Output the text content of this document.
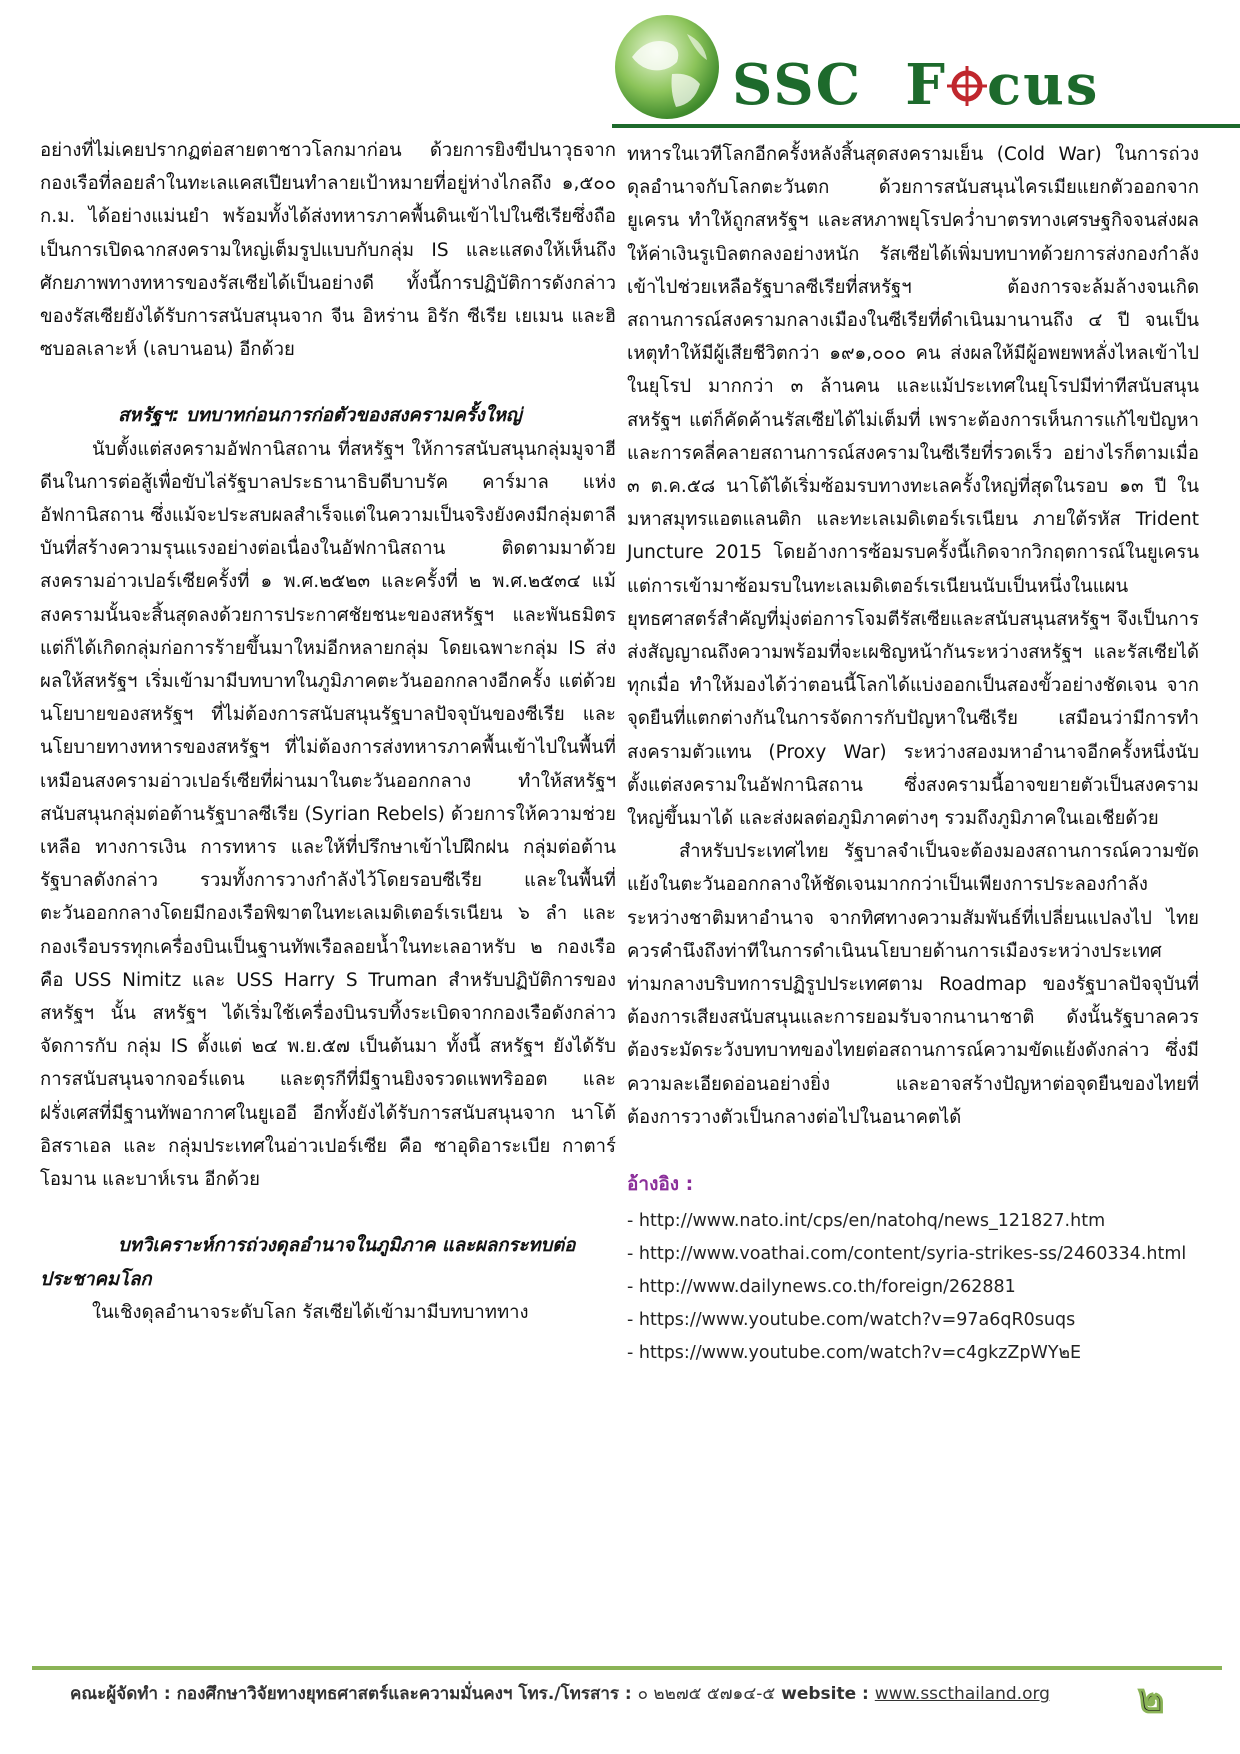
SSC F cus

อย่างที่ไม่เคยปรากฏต่อสายตาชาวโลกมาก่อน ด้วยการยิงขีปนาวุธจากกองเรือที่ลอยลำในทะเลแคสเปียนทำลายเป้าหมายที่อยู่ห่างไกลถึง ๑,๕๐๐ ก.ม. ได้อย่างแม่นยำ พร้อมทั้งได้ส่งทหารภาคพื้นดินเข้าไปในซีเรียซึ่งถือเป็นการเปิดฉากสงครามใหญ่เต็มรูปแบบกับกลุ่ม IS และแสดงให้เห็นถึงศักยภาพทางทหารของรัสเซียได้เป็นอย่างดี ทั้งนี้การปฏิบัติการดังกล่าวของรัสเซียยังได้รับการสนับสนุนจาก จีน อิหร่าน อิรัก ซีเรีย เยเมน และฮิซบอลเลาะห์ (เลบานอน) อีกด้วย

สหรัฐฯ: บทบาทก่อนการก่อตัวของสงครามครั้งใหญ่

นับตั้งแต่สงครามอัฟกานิสถาน ที่สหรัฐฯ ให้การสนับสนุนกลุ่มมูจาฮีดีนในการต่อสู้เพื่อขับไล่รัฐบาลประธานาธิบดีบาบรัค คาร์มาล แห่งอัฟกานิสถาน ซึ่งแม้จะประสบผลสำเร็จแต่ในความเป็นจริงยังคงมีกลุ่มตาลีบันที่สร้างความรุนแรงอย่างต่อเนื่องในอัฟกานิสถาน ติดตามมาด้วยสงครามอ่าวเปอร์เซียครั้งที่ ๑ พ.ศ.๒๕๒๓ และครั้งที่ ๒ พ.ศ.๒๕๓๔ แม้สงครามนั้นจะสิ้นสุดลงด้วยการประกาศชัยชนะของสหรัฐฯ และพันธมิตร แต่ก็ได้เกิดกลุ่มก่อการร้ายขึ้นมาใหม่อีกหลายกลุ่ม โดยเฉพาะกลุ่ม IS ส่งผลให้สหรัฐฯ เริ่มเข้ามามีบทบาทในภูมิภาคตะวันออกกลางอีกครั้ง แต่ด้วยนโยบายของสหรัฐฯ ที่ไม่ต้องการสนับสนุนรัฐบาลปัจจุบันของซีเรีย และนโยบายทางทหารของสหรัฐฯ ที่ไม่ต้องการส่งทหารภาคพื้นเข้าไปในพื้นที่เหมือนสงครามอ่าวเปอร์เซียที่ผ่านมาในตะวันออกกลาง ทำให้สหรัฐฯ สนับสนุนกลุ่มต่อต้านรัฐบาลซีเรีย (Syrian Rebels) ด้วยการให้ความช่วยเหลือ ทางการเงิน การทหาร และให้ที่ปรึกษาเข้าไปฝึกฝน กลุ่มต่อต้านรัฐบาลดังกล่าว รวมทั้งการวางกำลังไว้โดยรอบซีเรีย และในพื้นที่ตะวันออกกลางโดยมีกองเรือพิฆาตในทะเลเมดิเตอร์เรเนียน ๖ ลำ และกองเรือบรรทุกเครื่องบินเป็นฐานทัพเรือลอยน้ำในทะเลอาหรับ ๒ กองเรือ คือ USS Nimitz และ USS Harry S Truman สำหรับปฏิบัติการของสหรัฐฯ นั้น สหรัฐฯ ได้เริ่มใช้เครื่องบินรบทิ้งระเบิดจากกองเรือดังกล่าวจัดการกับ กลุ่ม IS ตั้งแต่ ๒๔ พ.ย.๕๗ เป็นต้นมา ทั้งนี้ สหรัฐฯ ยังได้รับการสนับสนุนจากจอร์แดน และตุรกีที่มีฐานยิงจรวดแพทริออต และฝรั่งเศสที่มีฐานทัพอากาศในยูเออี อีกทั้งยังได้รับการสนับสนุนจาก นาโต้ อิสราเอล และ กลุ่มประเทศในอ่าวเปอร์เซีย คือ ซาอุดิอาระเบีย กาตาร์ โอมาน และบาห์เรน อีกด้วย

บทวิเคราะห์การถ่วงดุลอำนาจในภูมิภาค และผลกระทบต่อประชาคมโลก

ในเชิงดุลอำนาจระดับโลก รัสเซียได้เข้ามามีบทบาททาง

ทหารในเวทีโลกอีกครั้งหลังสิ้นสุดสงครามเย็น (Cold War) ในการถ่วงดุลอำนาจกับโลกตะวันตก ด้วยการสนับสนุนไครเมียแยกตัวออกจากยูเครน ทำให้ถูกสหรัฐฯ และสหภาพยุโรปคว่ำบาตรทางเศรษฐกิจจนส่งผลให้ค่าเงินรูเบิลตกลงอย่างหนัก รัสเซียได้เพิ่มบทบาทด้วยการส่งกองกำลังเข้าไปช่วยเหลือรัฐบาลซีเรียที่สหรัฐฯ ต้องการจะล้มล้างจนเกิดสถานการณ์สงครามกลางเมืองในซีเรียที่ดำเนินมานานถึง ๔ ปี จนเป็นเหตุทำให้มีผู้เสียชีวิตกว่า ๑๙๑,๐๐๐ คน ส่งผลให้มีผู้อพยพหลั่งไหลเข้าไปในยุโรป มากกว่า ๓ ล้านคน และแม้ประเทศในยุโรปมีท่าทีสนับสนุนสหรัฐฯ แต่ก็คัดค้านรัสเซียได้ไม่เต็มที่ เพราะต้องการเห็นการแก้ไขปัญหาและการคลี่คลายสถานการณ์สงครามในซีเรียที่รวดเร็ว อย่างไรก็ตามเมื่อ ๓ ต.ค.๕๘ นาโต้ได้เริ่มซ้อมรบทางทะเลครั้งใหญ่ที่สุดในรอบ ๑๓ ปี ในมหาสมุทรแอตแลนติก และทะเลเมดิเตอร์เรเนียน ภายใต้รหัส Trident Juncture 2015 โดยอ้างการซ้อมรบครั้งนี้เกิดจากวิกฤตการณ์ในยูเครน แต่การเข้ามาซ้อมรบในทะเลเมดิเตอร์เรเนียนนับเป็นหนึ่งในแผนยุทธศาสตร์สำคัญที่มุ่งต่อการโจมตีรัสเซียและสนับสนุนสหรัฐฯ จึงเป็นการส่งสัญญาณถึงความพร้อมที่จะเผชิญหน้ากันระหว่างสหรัฐฯ และรัสเซียได้ทุกเมื่อ ทำให้มองได้ว่าตอนนี้โลกได้แบ่งออกเป็นสองขั้วอย่างชัดเจน จากจุดยืนที่แตกต่างกันในการจัดการกับปัญหาในซีเรีย เสมือนว่ามีการทำสงครามตัวแทน (Proxy War) ระหว่างสองมหาอำนาจอีกครั้งหนึ่งนับตั้งแต่สงครามในอัฟกานิสถาน ซึ่งสงครามนี้อาจขยายตัวเป็นสงครามใหญ่ขึ้นมาได้ และส่งผลต่อภูมิภาคต่างๆ รวมถึงภูมิภาคในเอเชียด้วย

สำหรับประเทศไทย รัฐบาลจำเป็นจะต้องมองสถานการณ์ความขัดแย้งในตะวันออกกลางให้ชัดเจนมากกว่าเป็นเพียงการประลองกำลังระหว่างชาติมหาอำนาจ จากทิศทางความสัมพันธ์ที่เปลี่ยนแปลงไป ไทยควรคำนึงถึงท่าทีในการดำเนินนโยบายด้านการเมืองระหว่างประเทศ ท่ามกลางบริบทการปฏิรูปประเทศตาม Roadmap ของรัฐบาลปัจจุบันที่ต้องการเสียงสนับสนุนและการยอมรับจากนานาชาติ ดังนั้นรัฐบาลควรต้องระมัดระวังบทบาทของไทยต่อสถานการณ์ความขัดแย้งดังกล่าว ซึ่งมีความละเอียดอ่อนอย่างยิ่ง และอาจสร้างปัญหาต่อจุดยืนของไทยที่ต้องการวางตัวเป็นกลางต่อไปในอนาคตได้

อ้างอิง :

- http://www.nato.int/cps/en/natohq/news_121827.htm
- http://www.voathai.com/content/syria-strikes-ss/2460334.html
- http://www.dailynews.co.th/foreign/262881
- https://www.youtube.com/watch?v=97a6qR0suqs
- https://www.youtube.com/watch?v=c4gkzZpWY๒E
คณะผู้จัดทำ : กองศึกษาวิจัยทางยุทธศาสตร์และความมั่นคงฯ โทร./โทรสาร : ๐ ๒๒๗๕ ๕๗๑๔-๕ website : www.sscthailand.org ๒
